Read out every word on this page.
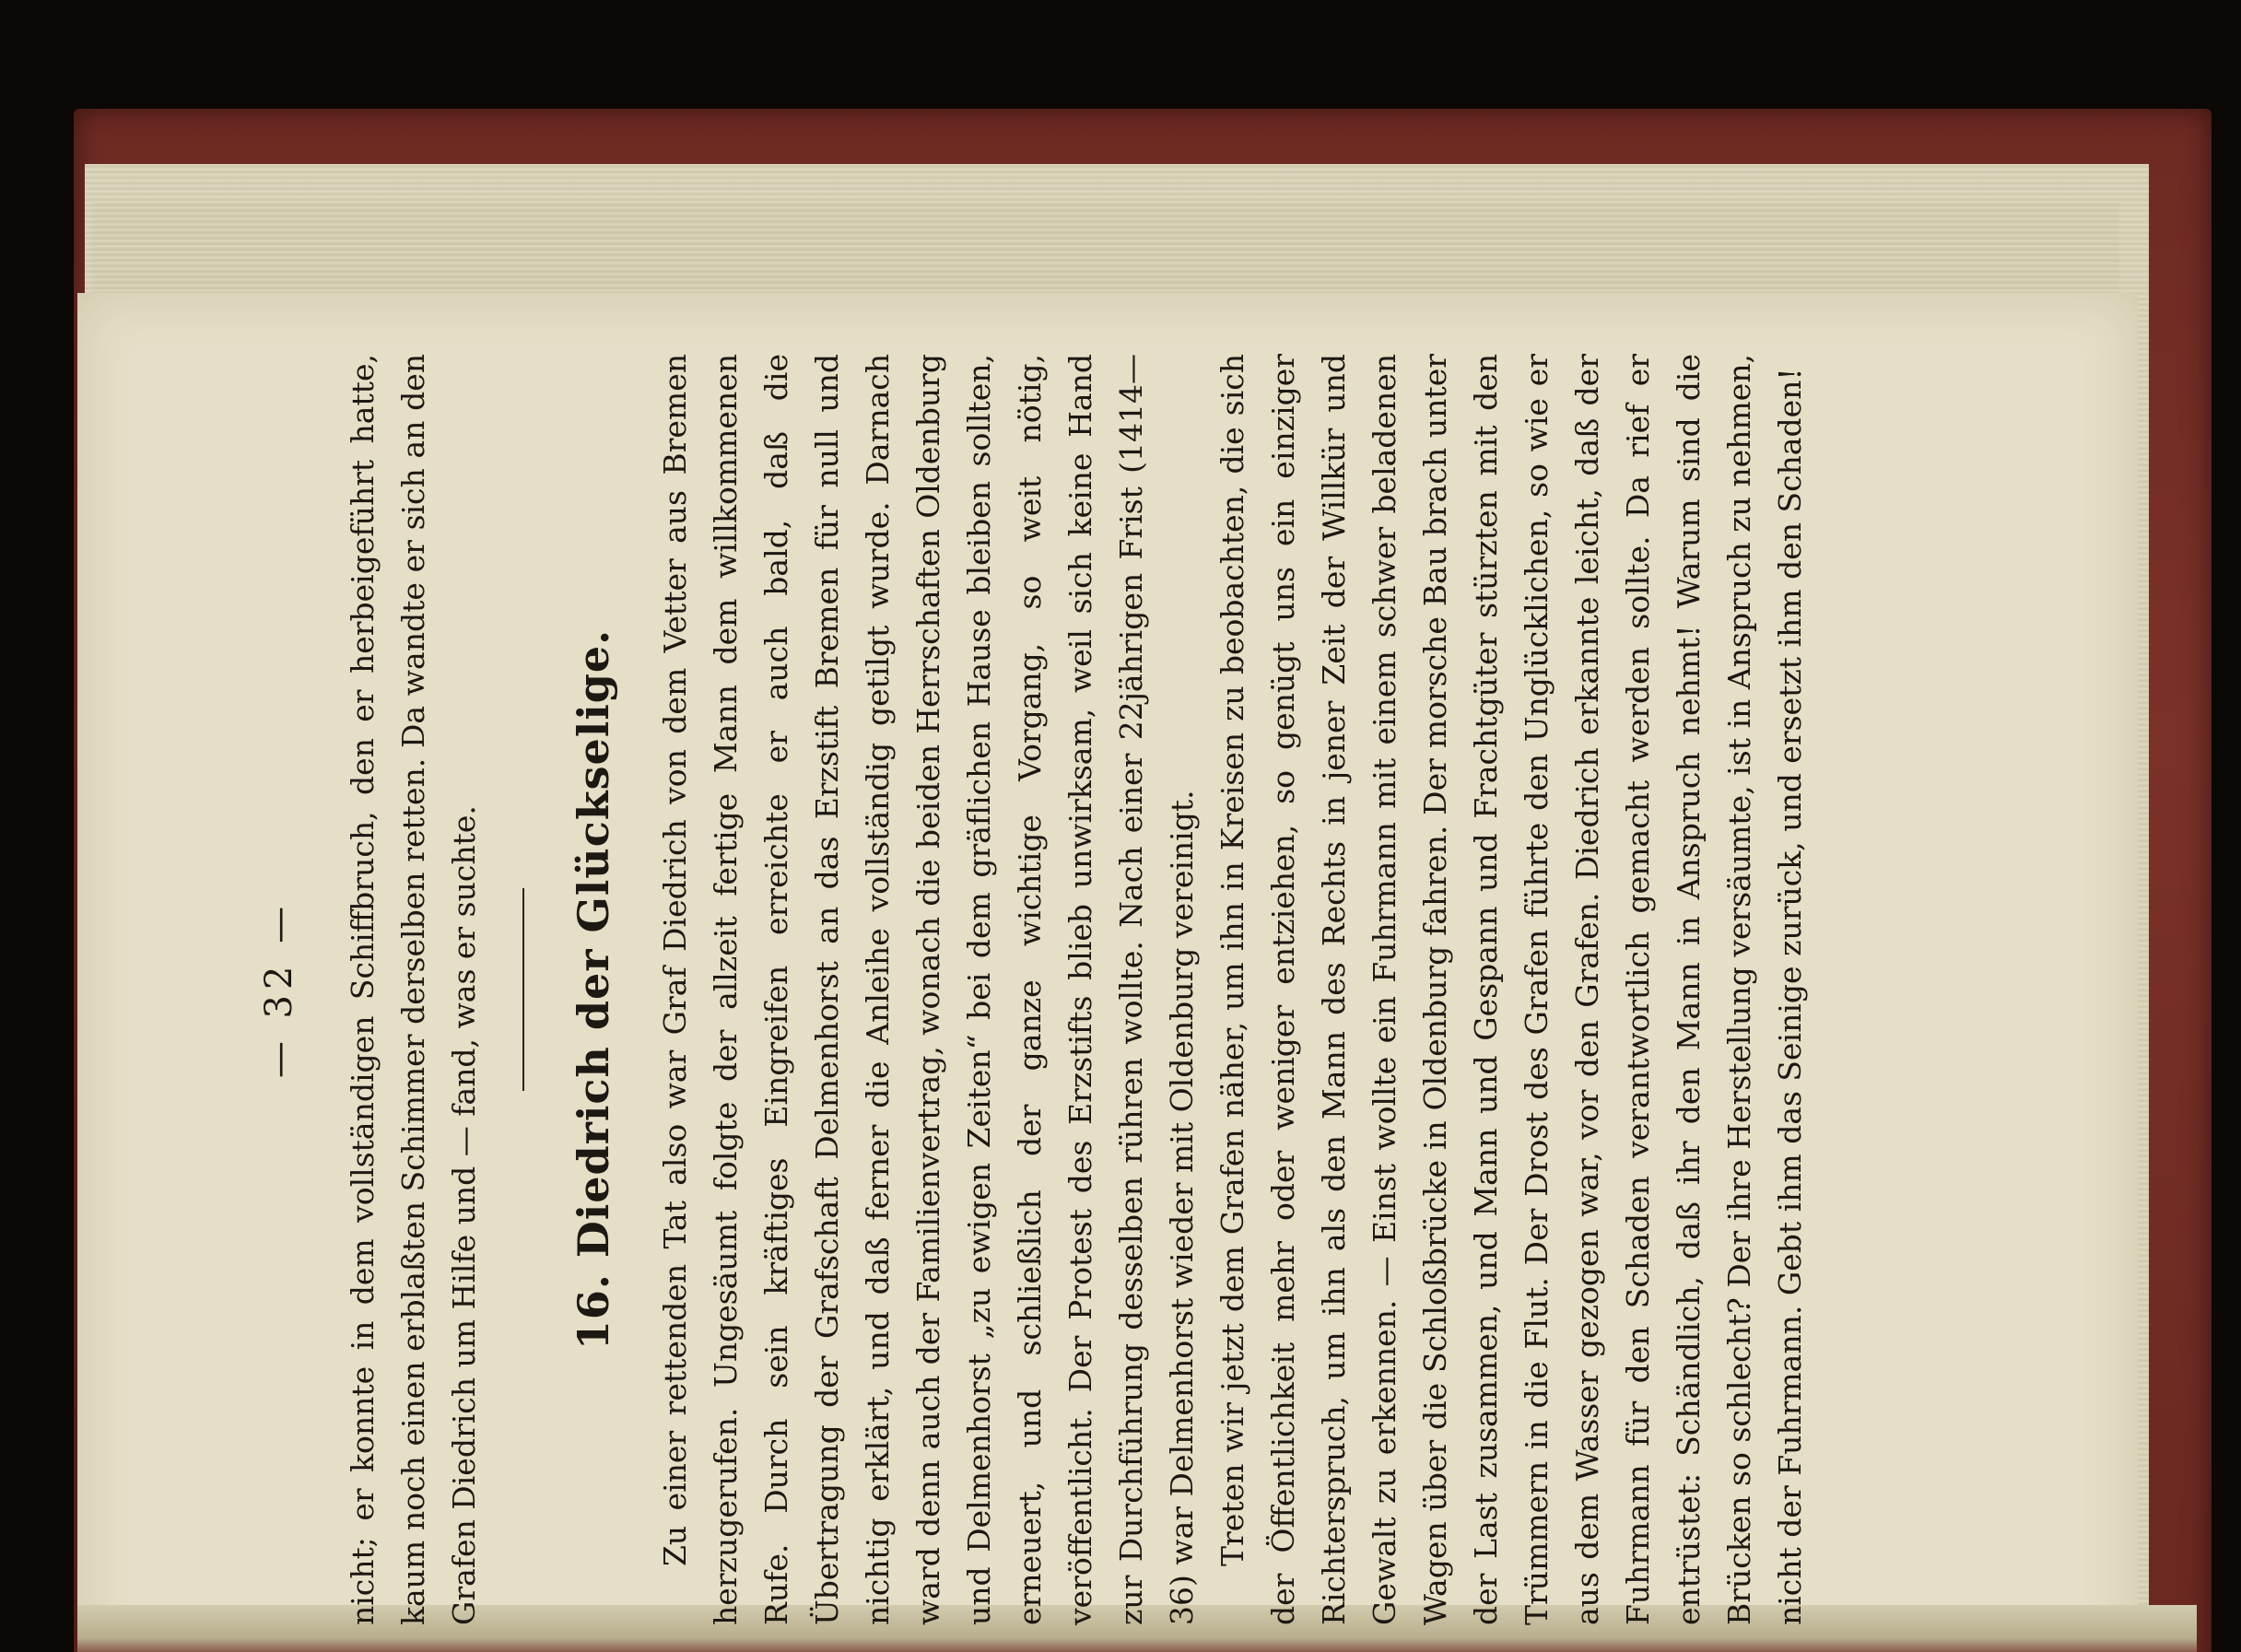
— 32 — nicht; er konnte in dem vollständigen Schiffbruch, den er herbeigeführt hatte, kaum noch einen erblaßten Schimmer derselben retten. Da wandte er sich an den Grafen Diedrich um Hilfe und — fand, was er suchte. 16. Diedrich der Glückselige. Zu einer rettenden Tat also war Graf Diedrich von dem Vetter aus Bremen herzugerufen. Ungesäumt folgte der allzeit fertige Mann dem willkommenen Rufe. Durch sein kräftiges Eingreifen erreichte er auch bald, daß die Übertragung der Grafschaft Delmenhorst an das Erzstift Bremen für null und nichtig erklärt, und daß ferner die Anleihe vollständig getilgt wurde. Darnach ward denn auch der Familienvertrag, wonach die beiden Herrschaften Oldenburg und Delmenhorst „zu ewigen Zeiten“ bei dem gräflichen Hause bleiben sollten, erneuert, und schließlich der ganze wichtige Vorgang, so weit nötig, veröffentlicht. Der Protest des Erzstifts blieb unwirksam, weil sich keine Hand zur Durchführung desselben rühren wollte. Nach einer 22jährigen Frist (1414—36) war Delmenhorst wieder mit Oldenburg vereinigt. Treten wir jetzt dem Grafen näher, um ihn in Kreisen zu beobachten, die sich der Öffentlichkeit mehr oder weniger entziehen, so genügt uns ein einziger Richterspruch, um ihn als den Mann des Rechts in jener Zeit der Willkür und Gewalt zu erkennen. — Einst wollte ein Fuhrmann mit einem schwer beladenen Wagen über die Schloßbrücke in Oldenburg fahren. Der morsche Bau brach unter der Last zusammen, und Mann und Gespann und Frachtgüter stürzten mit den Trümmern in die Flut. Der Drost des Grafen führte den Unglücklichen, so wie er aus dem Wasser gezogen war, vor den Grafen. Diedrich erkannte leicht, daß der Fuhrmann für den Schaden verantwortlich gemacht werden sollte. Da rief er entrüstet: Schändlich, daß ihr den Mann in Anspruch nehmt! Warum sind die Brücken so schlecht? Der ihre Herstellung versäumte, ist in Anspruch zu nehmen, nicht der Fuhrmann. Gebt ihm das Seinige zurück, und ersetzt ihm den Schaden!
